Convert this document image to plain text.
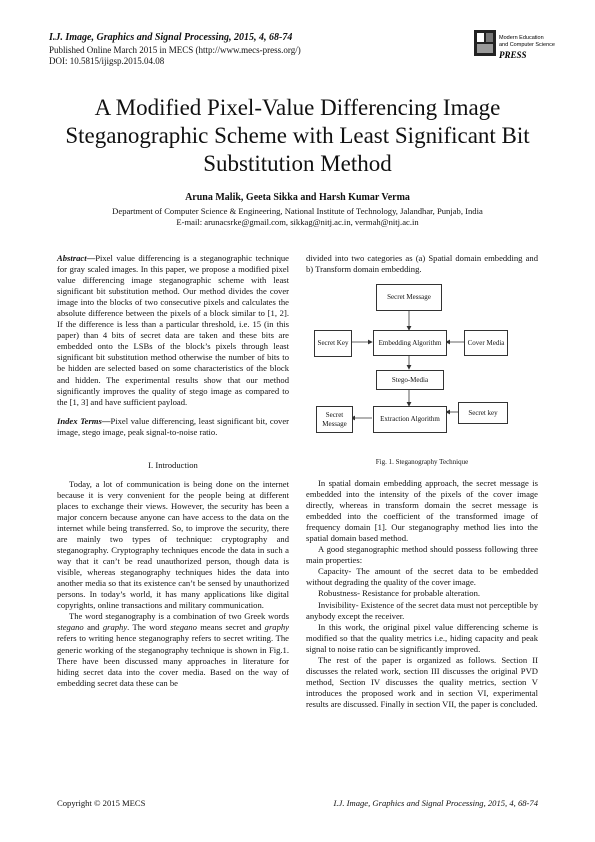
I.J. Image, Graphics and Signal Processing, 2015, 4, 68-74
Published Online March 2015 in MECS (http://www.mecs-press.org/)
DOI: 10.5815/ijigsp.2015.04.08
Modern Education
and Computer Science
PRESS
A Modified Pixel-Value Differencing Image Steganographic Scheme with Least Significant Bit Substitution Method
Aruna Malik, Geeta Sikka and Harsh Kumar Verma
Department of Computer Science & Engineering, National Institute of Technology, Jalandhar, Punjab, India
E-mail: arunacsrke@gmail.com, sikkag@nitj.ac.in, vermah@nitj.ac.in

Abstract—Pixel value differencing is a steganographic technique for gray scaled images. In this paper, we propose a modified pixel value differencing image steganographic scheme with least significant bit substitution method. Our method divides the cover image into the blocks of two consecutive pixels and calculates the absolute difference between the pixels of a block similar to [1, 2]. If the difference is less than a particular threshold, i.e. 15 (in this paper) than 4 bits of secret data are taken and these bits are embedded onto the LSBs of the block’s pixels through least significant bit substitution method otherwise the number of bits to be hidden are selected based on some characteristics of the block and hidden. The experimental results show that our method significantly improves the quality of stego image as compared to the [1, 3] and have sufficient payload.

Index Terms—Pixel value differencing, least significant bit, cover image, stego image, peak signal-to-noise ratio.

I. Introduction

Today, a lot of communication is being done on the internet because it is very convenient for the people being at different places to exchange their views. However, the security has been a major concern because anyone can have access to the data on the internet while being transferred. So, to improve the security, there are mainly two types of technique: cryptography and steganography. Cryptography techniques encode the data in such a way that it can’t be read unauthorized person, though data is visible, whereas steganography techniques hides the data into another media so that its existence can’t be sensed by unauthorized persons. In today’s world, it has many applications like digital copyrights, online transactions and military communication.

The word steganography is a combination of two Greek words stegano and graphy. The word stegano means secret and graphy refers to writing hence steganography refers to secret writing. The generic working of the steganography technique is shown in Fig.1. There have been discussed many approaches in literature for hiding secret data into the cover media. Based on the way of embedding secret data these can be

divided into two categories as (a) Spatial domain embedding and b) Transform domain embedding.

Secret Message
Secret Key	Embedding Algorithm	Cover Media
Stego-Media
Secret Message
Extraction Algorithm
Secret key
Fig. 1. Steganography Technique

In spatial domain embedding approach, the secret message is embedded into the intensity of the pixels of the cover image directly, whereas in transform domain the secret message is embedded into the coefficient of the transformed image of frequency domain [1]. Our steganography method lies into the spatial domain based method.

A good steganographic method should possess following three main properties:

Capacity- The amount of the secret data to be embedded without degrading the quality of the cover image.

Robustness- Resistance for probable alteration.

Invisibility- Existence of the secret data must not perceptible by anybody except the receiver.

In this work, the original pixel value differencing scheme is modified so that the quality metrics i.e., hiding capacity and peak signal to noise ratio can be significantly improved.

The rest of the paper is organized as follows. Section II discusses the related work, section III discusses the original PVD method, Section IV discusses the quality metrics, section V introduces the proposed work and in section VI, experimental results are discussed. Finally in section VII, the paper is concluded.

Copyright © 2015 MECS	I.J. Image, Graphics and Signal Processing, 2015, 4, 68-74
